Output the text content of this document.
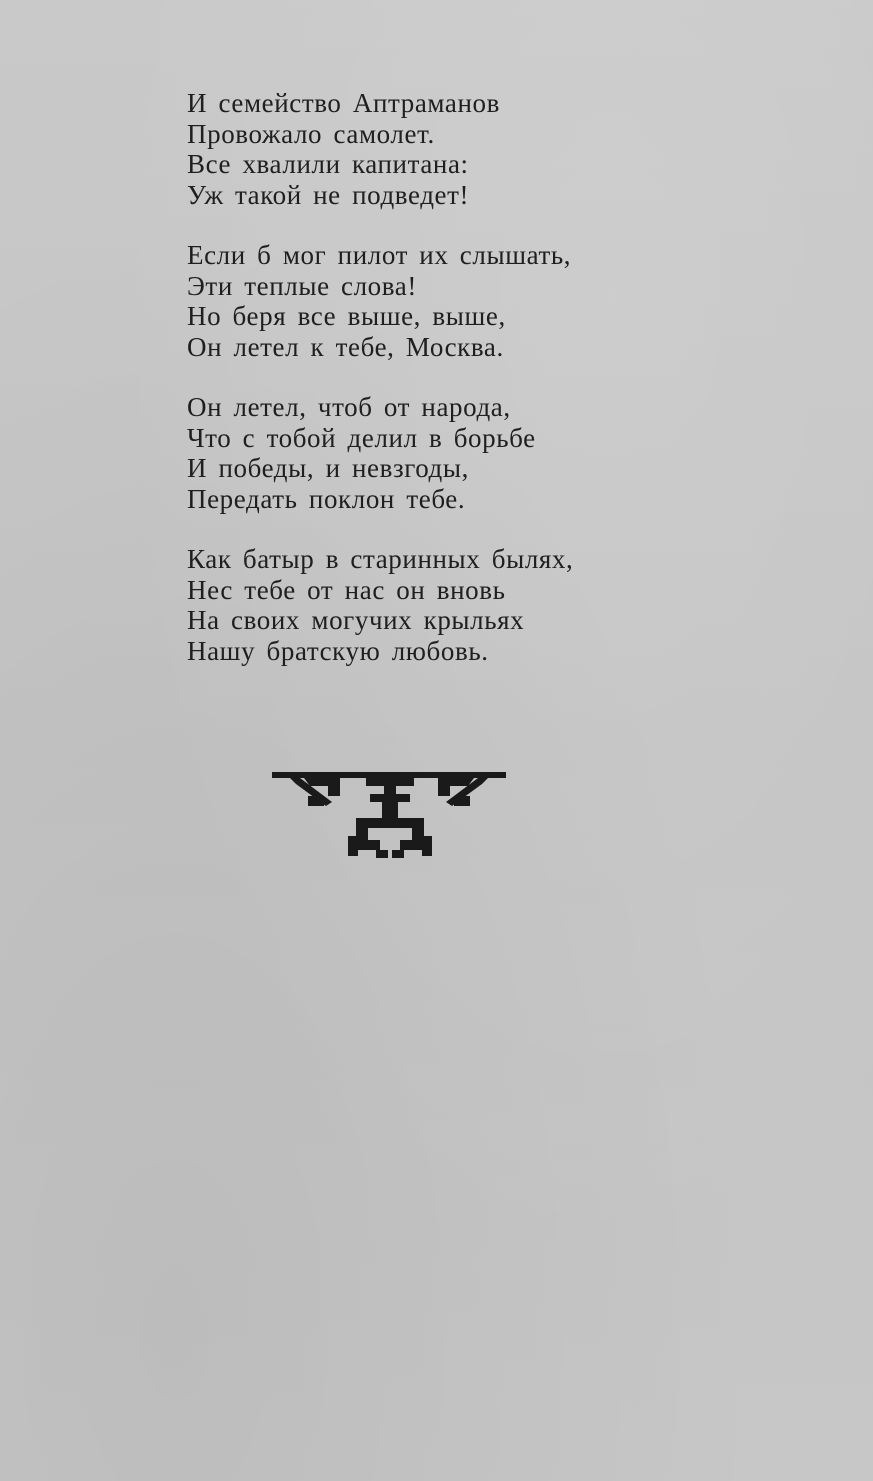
И семейство Аптраманов
Провожало самолет.
Все хвалили капитана:
Уж такой не подведет!
Если б мог пилот их слышать,
Эти теплые слова!
Но беря все выше, выше,
Он летел к тебе, Москва.
Он летел, чтоб от народа,
Что с тобой делил в борьбе
И победы, и невзгоды,
Передать поклон тебе.
Как батыр в старинных былях,
Нес тебе от нас он вновь
На своих могучих крыльях
Нашу братскую любовь.
